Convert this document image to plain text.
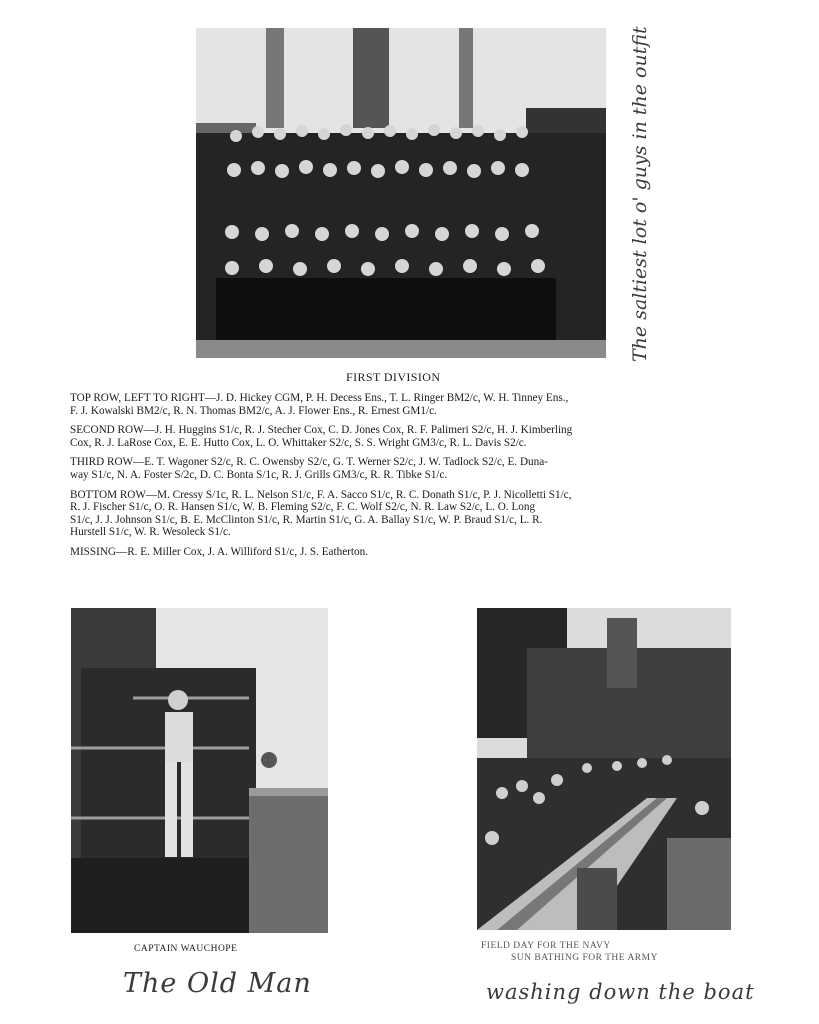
FIRST DIVISION

TOP ROW, LEFT TO RIGHT—J. D. Hickey CGM, P. H. Decess Ens., T. L. Ringer BM2/c, W. H. Tinney Ens.,
F. J. Kowalski BM2/c, R. N. Thomas BM2/c, A. J. Flower Ens., R. Ernest GM1/c.

SECOND ROW—J. H. Huggins S1/c, R. J. Stecher Cox, C. D. Jones Cox, R. F. Palimeri S2/c, H. J. Kimberling
Cox, R. J. LaRose Cox, E. E. Hutto Cox, L. O. Whittaker S2/c, S. S. Wright GM3/c, R. L. Davis S2/c.

THIRD ROW—E. T. Wagoner S2/c, R. C. Owensby S2/c, G. T. Werner S2/c, J. W. Tadlock S2/c, E. Duna-
way S1/c, N. A. Foster S/2c, D. C. Bonta S/1c, R. J. Grills GM3/c, R. R. Tibke S1/c.

BOTTOM ROW—M. Cressy S/1c, R. L. Nelson S1/c, F. A. Sacco S1/c, R. C. Donath S1/c, P. J. Nicolletti S1/c,
R. J. Fischer S1/c, O. R. Hansen S1/c, W. B. Fleming S2/c, F. C. Wolf S2/c, N. R. Law S2/c, L. O. Long
S1/c, J. J. Johnson S1/c, B. E. McClinton S1/c, R. Martin S1/c, G. A. Ballay S1/c, W. P. Braud S1/c, L. R.
Hurstell S1/c, W. R. Wesoleck S1/c.

MISSING—R. E. Miller Cox, J. A. Williford S1/c, J. S. Eatherton.

The saltiest lot o' guys in the outfit
CAPTAIN WAUCHOPE
The Old Man
FIELD DAY FOR THE NAVY
SUN BATHING FOR THE ARMY
washing down the boat
